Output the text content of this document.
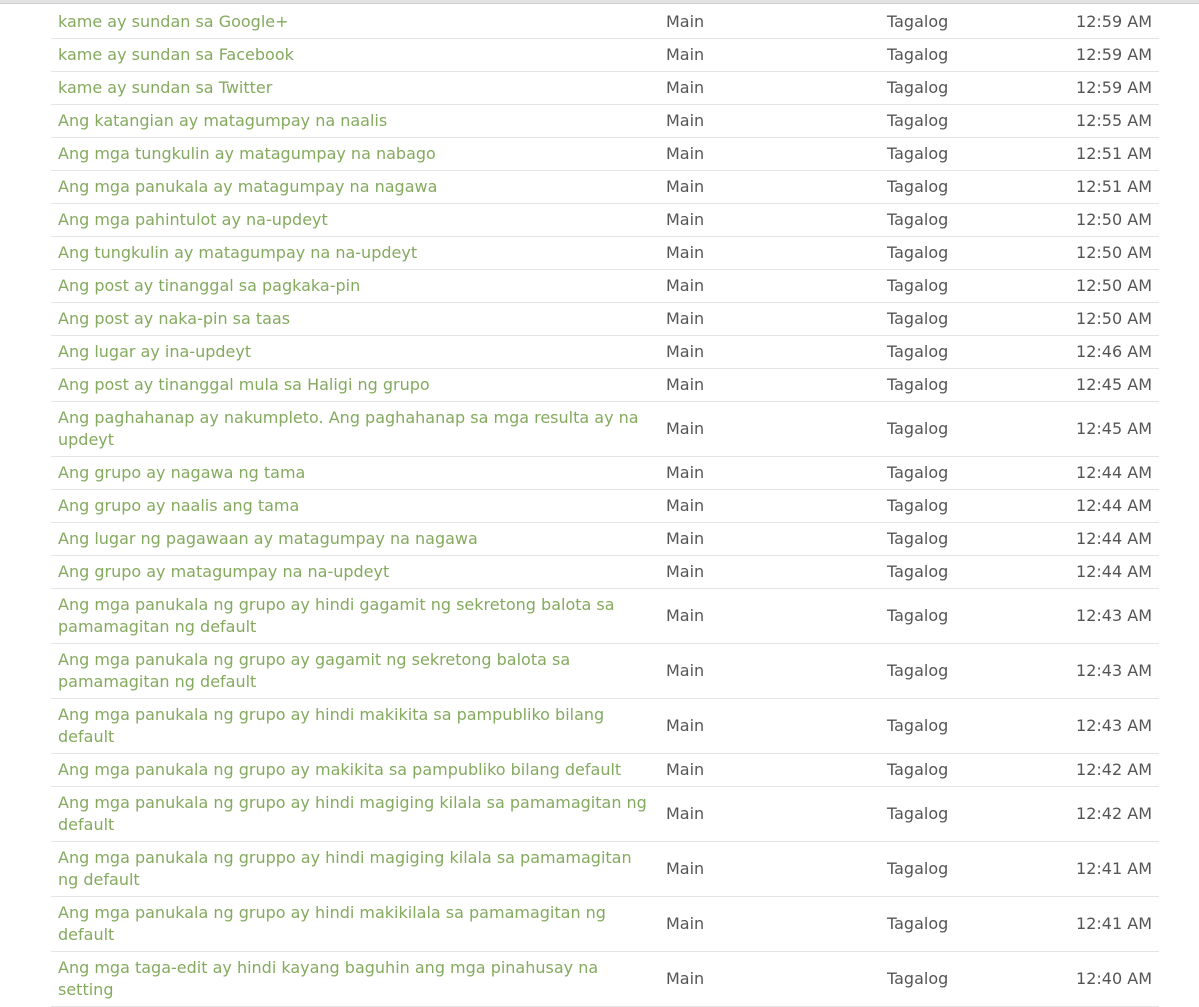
kame ay sundan sa Google+	Main	Tagalog	12:59 AM
kame ay sundan sa Facebook	Main	Tagalog	12:59 AM
kame ay sundan sa Twitter	Main	Tagalog	12:59 AM
Ang katangian ay matagumpay na naalis	Main	Tagalog	12:55 AM
Ang mga tungkulin ay matagumpay na nabago	Main	Tagalog	12:51 AM
Ang mga panukala ay matagumpay na nagawa	Main	Tagalog	12:51 AM
Ang mga pahintulot ay na-updeyt	Main	Tagalog	12:50 AM
Ang tungkulin ay matagumpay na na-updeyt	Main	Tagalog	12:50 AM
Ang post ay tinanggal sa pagkaka-pin	Main	Tagalog	12:50 AM
Ang post ay naka-pin sa taas	Main	Tagalog	12:50 AM
Ang lugar ay ina-updeyt	Main	Tagalog	12:46 AM
Ang post ay tinanggal mula sa Haligi ng grupo	Main	Tagalog	12:45 AM
Ang paghahanap ay nakumpleto. Ang paghahanap sa mga resulta ay na updeyt	Main	Tagalog	12:45 AM
Ang grupo ay nagawa ng tama	Main	Tagalog	12:44 AM
Ang grupo ay naalis ang tama	Main	Tagalog	12:44 AM
Ang lugar ng pagawaan ay matagumpay na nagawa	Main	Tagalog	12:44 AM
Ang grupo ay matagumpay na na-updeyt	Main	Tagalog	12:44 AM
Ang mga panukala ng grupo ay hindi gagamit ng sekretong balota sa pamamagitan ng default	Main	Tagalog	12:43 AM
Ang mga panukala ng grupo ay gagamit ng sekretong balota sa pamamagitan ng default	Main	Tagalog	12:43 AM
Ang mga panukala ng grupo ay hindi makikita sa pampubliko bilang default	Main	Tagalog	12:43 AM
Ang mga panukala ng grupo ay makikita sa pampubliko bilang default	Main	Tagalog	12:42 AM
Ang mga panukala ng grupo ay hindi magiging kilala sa pamamagitan ng default	Main	Tagalog	12:42 AM
Ang mga panukala ng gruppo ay hindi magiging kilala sa pamamagitan ng default	Main	Tagalog	12:41 AM
Ang mga panukala ng grupo ay hindi makikilala sa pamamagitan ng default	Main	Tagalog	12:41 AM
Ang mga taga-edit ay hindi kayang baguhin ang mga pinahusay na setting	Main	Tagalog	12:40 AM
